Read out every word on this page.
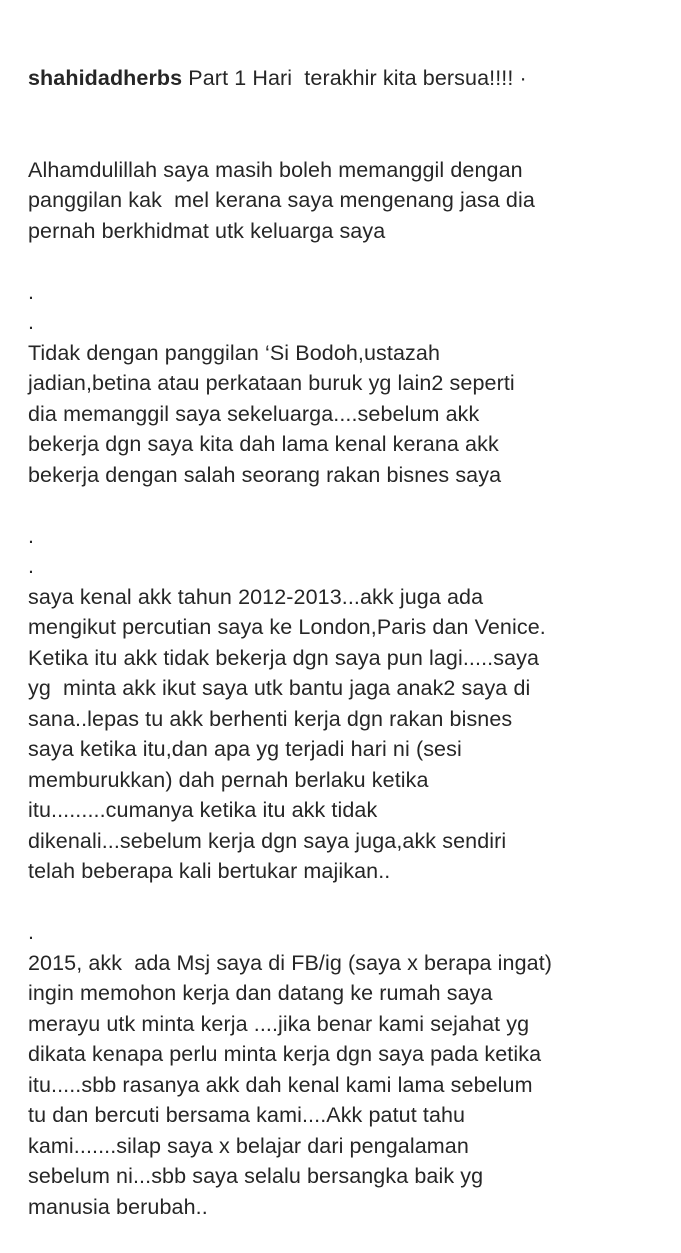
shahidadherbs Part 1 Hari  terakhir kita bersua!!!! ·

Alhamdulillah saya masih boleh memanggil dengan
panggilan kak  mel kerana saya mengenang jasa dia
pernah berkhidmat utk keluarga saya
.
.
Tidak dengan panggilan ‘Si Bodoh,ustazah
jadian,betina atau perkataan buruk yg lain2 seperti
dia memanggil saya sekeluarga....sebelum akk
bekerja dgn saya kita dah lama kenal kerana akk
bekerja dengan salah seorang rakan bisnes saya
.
.
saya kenal akk tahun 2012-2013...akk juga ada
mengikut percutian saya ke London,Paris dan Venice.
Ketika itu akk tidak bekerja dgn saya pun lagi.....saya
yg  minta akk ikut saya utk bantu jaga anak2 saya di
sana..lepas tu akk berhenti kerja dgn rakan bisnes
saya ketika itu,dan apa yg terjadi hari ni (sesi
memburukkan) dah pernah berlaku ketika
itu.........cumanya ketika itu akk tidak
dikenali...sebelum kerja dgn saya juga,akk sendiri
telah beberapa kali bertukar majikan..
.
2015, akk  ada Msj saya di FB/ig (saya x berapa ingat)
ingin memohon kerja dan datang ke rumah saya
merayu utk minta kerja ....jika benar kami sejahat yg
dikata kenapa perlu minta kerja dgn saya pada ketika
itu.....sbb rasanya akk dah kenal kami lama sebelum
tu dan bercuti bersama kami....Akk patut tahu
kami.......silap saya x belajar dari pengalaman
sebelum ni...sbb saya selalu bersangka baik yg
manusia berubah..
